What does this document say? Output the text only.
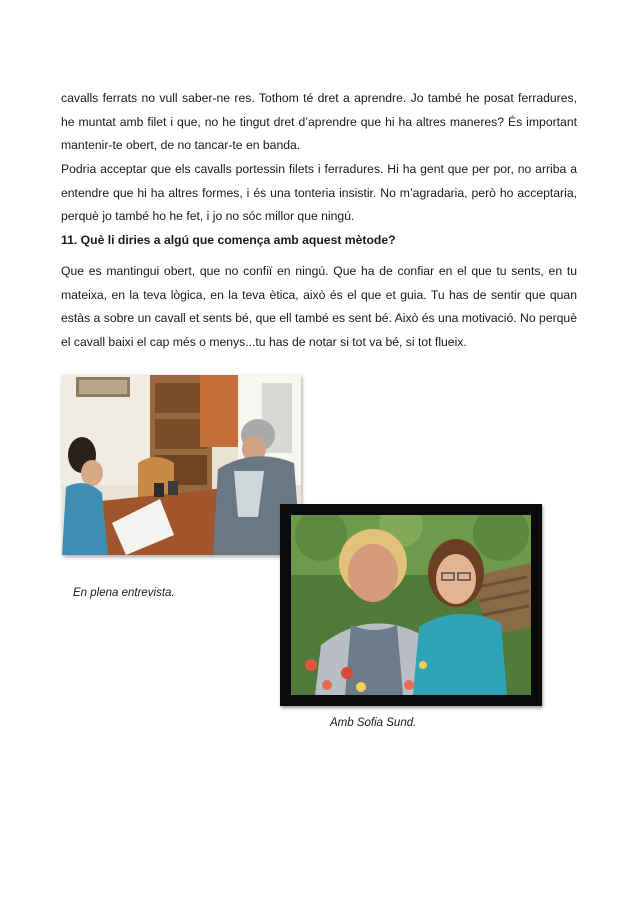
cavalls ferrats no vull saber-ne res. Tothom té dret a aprendre. Jo també he posat ferradures, he muntat amb filet i que, no he tingut dret d’aprendre que hi ha altres maneres? És important mantenir-te obert, de no tancar-te en banda.

Podria acceptar que els cavalls portessin filets i ferradures. Hi ha gent que per por, no arriba a entendre que hi ha altres formes, i és una tonteria insistir. No m’agradaria, però ho acceptaria, perquè jo també ho he fet, i jo no sóc millor que ningú.

11. Què li diries a algú que comença amb aquest mètode?

Que es mantingui obert, que no confiï en ningú. Que ha de confiar en el que tu sents, en tu mateixa, en la teva lògica, en la teva ètica, això és el que et guia. Tu has de sentir que quan estàs a sobre un cavall et sents bé, que ell també es sent bé. Això és una motivació. No perquè el cavall baixi el cap més o menys...tu has de notar si tot va bé, si tot flueix.

En plena entrevista.

Amb Sofia Sund.
